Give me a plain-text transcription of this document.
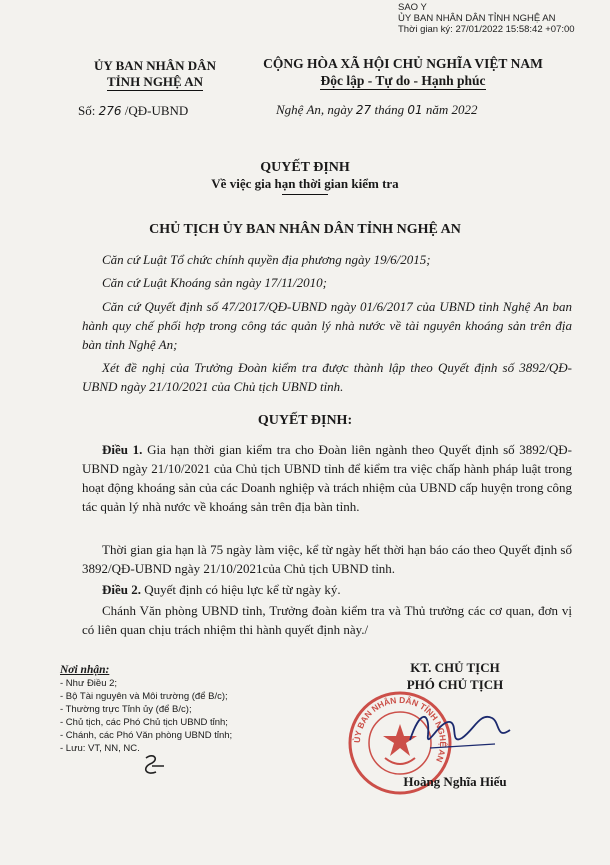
SAO Y
ỦY BAN NHÂN DÂN TỈNH NGHỆ AN
Thời gian ký: 27/01/2022 15:58:42 +07:00
ỦY BAN NHÂN DÂN
TỈNH NGHỆ AN
Số: 276 /QĐ-UBND
CỘNG HÒA XÃ HỘI CHỦ NGHĨA VIỆT NAM
Độc lập - Tự do - Hạnh phúc
Nghệ An, ngày 27 tháng 01 năm 2022
QUYẾT ĐỊNH
Về việc gia hạn thời gian kiểm tra
CHỦ TỊCH ỦY BAN NHÂN DÂN TỈNH NGHỆ AN
Căn cứ Luật Tổ chức chính quyền địa phương ngày 19/6/2015;
Căn cứ Luật Khoáng sản ngày 17/11/2010;
Căn cứ Quyết định số 47/2017/QĐ-UBND ngày 01/6/2017 của UBND tỉnh Nghệ An ban hành quy chế phối hợp trong công tác quản lý nhà nước về tài nguyên khoáng sản trên địa bàn tỉnh Nghệ An;
Xét đề nghị của Trưởng Đoàn kiểm tra được thành lập theo Quyết định số 3892/QĐ-UBND ngày 21/10/2021 của Chủ tịch UBND tỉnh.
QUYẾT ĐỊNH:
Điều 1. Gia hạn thời gian kiểm tra cho Đoàn liên ngành theo Quyết định số 3892/QĐ-UBND ngày 21/10/2021 của Chủ tịch UBND tỉnh để kiểm tra việc chấp hành pháp luật trong hoạt động khoáng sản của các Doanh nghiệp và trách nhiệm của UBND cấp huyện trong công tác quản lý nhà nước về khoáng sản trên địa bàn tỉnh.
Thời gian gia hạn là 75 ngày làm việc, kể từ ngày hết thời hạn báo cáo theo Quyết định số 3892/QĐ-UBND ngày 21/10/2021của Chủ tịch UBND tỉnh.
Điều 2. Quyết định có hiệu lực kể từ ngày ký.
Chánh Văn phòng UBND tỉnh, Trưởng đoàn kiểm tra và Thủ trưởng các cơ quan, đơn vị có liên quan chịu trách nhiệm thi hành quyết định này./
Nơi nhận:
- Như Điều 2;
- Bộ Tài nguyên và Môi trường (để B/c);
- Thường trực Tỉnh ủy (để B/c);
- Chủ tịch, các Phó Chủ tịch UBND tỉnh;
- Chánh, các Phó Văn phòng UBND tỉnh;
- Lưu: VT, NN, NC.
KT. CHỦ TỊCH
PHÓ CHỦ TỊCH
ỦY BAN NHÂN DÂN TỈNH NGHỆ AN
Hoàng Nghĩa Hiếu
